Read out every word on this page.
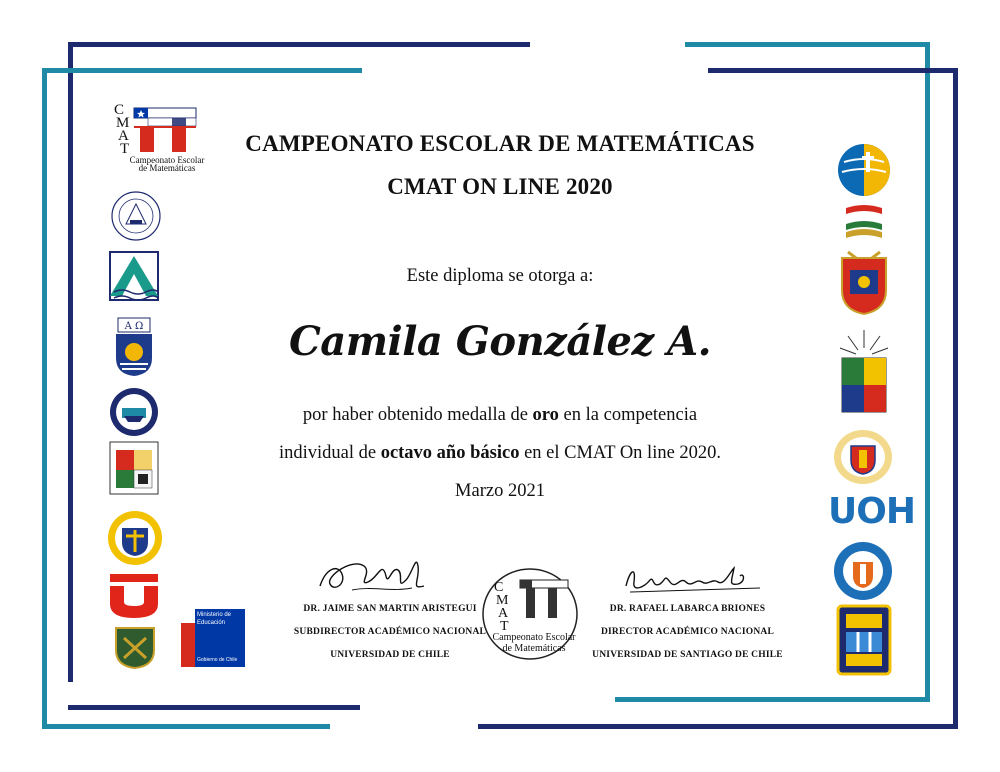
C
M
A
T
Campeonato Escolar
de Matemáticas
CAMPEONATO ESCOLAR DE MATEMÁTICAS
CMAT ON LINE 2020
Este diploma se otorga a:
Camila González A.
por haber obtenido medalla de oro en la competencia
individual de octavo año básico en el CMAT On line 2020.
Marzo 2021
DR. JAIME SAN MARTIN ARISTEGUI
SUBDIRECTOR ACADÉMICO NACIONAL
UNIVERSIDAD DE CHILE
C
M
A
T
Campeonato Escolar
de Matemáticas
DR. RAFAEL LABARCA BRIONES
DIRECTOR ACADÉMICO NACIONAL
UNIVERSIDAD DE SANTIAGO DE CHILE
A Ω
Ministerio de
Educación
Gobierno de Chile
UOH
